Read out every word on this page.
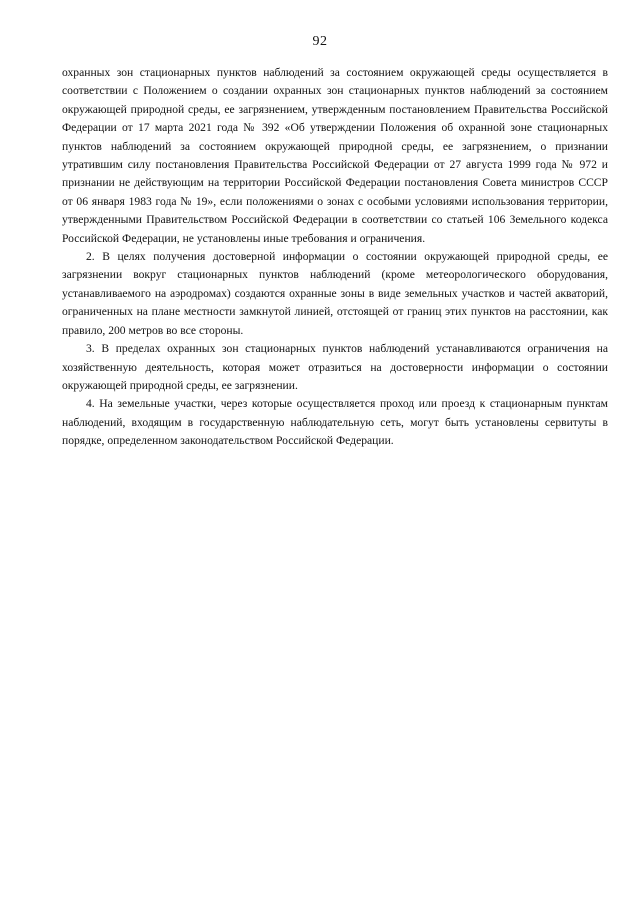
92

охранных зон стационарных пунктов наблюдений за состоянием окружающей среды осуществляется в соответствии с Положением о создании охранных зон стационарных пунктов наблюдений за состоянием окружающей природной среды, ее загрязнением, утвержденным постановлением Правительства Российской Федерации от 17 марта 2021 года № 392 «Об утверждении Положения об охранной зоне стационарных пунктов наблюдений за состоянием окружающей природной среды, ее загрязнением, о признании утратившим силу постановления Правительства Российской Федерации от 27 августа 1999 года № 972 и признании не действующим на территории Российской Федерации постановления Совета министров СССР от 06 января 1983 года № 19», если положениями о зонах с особыми условиями использования территории, утвержденными Правительством Российской Федерации в соответствии со статьей 106 Земельного кодекса Российской Федерации, не установлены иные требования и ограничения.

2. В целях получения достоверной информации о состоянии окружающей природной среды, ее загрязнении вокруг стационарных пунктов наблюдений (кроме метеорологического оборудования, устанавливаемого на аэродромах) создаются охранные зоны в виде земельных участков и частей акваторий, ограниченных на плане местности замкнутой линией, отстоящей от границ этих пунктов на расстоянии, как правило, 200 метров во все стороны.

3. В пределах охранных зон стационарных пунктов наблюдений устанавливаются ограничения на хозяйственную деятельность, которая может отразиться на достоверности информации о состоянии окружающей природной среды, ее загрязнении.

4. На земельные участки, через которые осуществляется проход или проезд к стационарным пунктам наблюдений, входящим в государственную наблюдательную сеть, могут быть установлены сервитуты в порядке, определенном законодательством Российской Федерации.
